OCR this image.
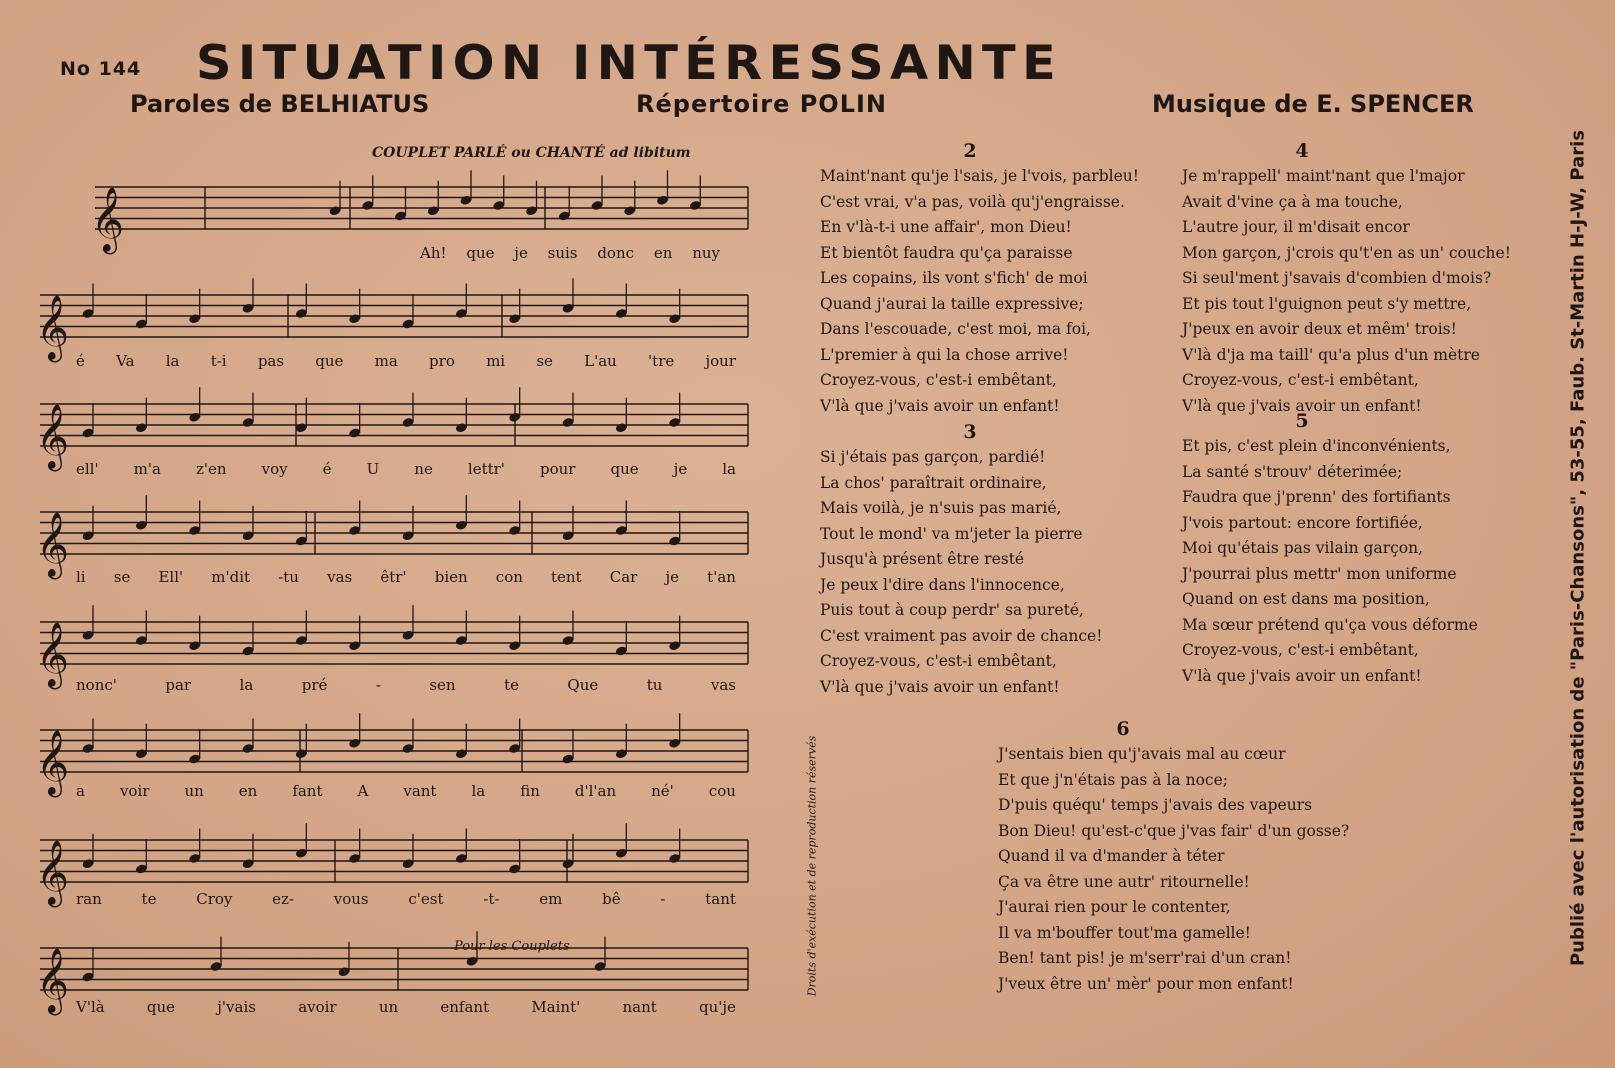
No 144 SITUATION INTÉRESSANTE
Paroles de BELHIATUS	Répertoire POLIN	Musique de E. SPENCER
𝄞
𝄞
𝄞
𝄞
𝄞
𝄞
𝄞
𝄞
COUPLET PARLÉ ou CHANTÉ ad libitum
Pour les Couplets
Ah! que je suis donc en nuy
é Va la t-i pas que ma pro mi se L'au 'tre jour
ell' m'a z'en voy é U ne lettr' pour que je la
li se Ell' m'dit -tu vas êtr' bien con tent Car je t'an
nonc'	par	la	pré	-	sen	te	Que	tu	vas
a voir un en fant A vant la fin d'l'an né' cou
ran	te	Croy	ez-	vous	c'est	-t-	em	bê	-	tant
V'là	que	j'vais	avoir	un	enfant	Maint'	nant	qu'je
2
Maint'nant qu'je l'sais, je l'vois, parbleu!
C'est vrai, v'a pas, voilà qu'j'engraisse.
En v'là-t-i une affair', mon Dieu!
Et bientôt faudra qu'ça paraisse
Les copains, ils vont s'fich' de moi
Quand j'aurai la taille expressive;
Dans l'escouade, c'est moi, ma foi,
L'premier à qui la chose arrive!
Croyez-vous, c'est-i embêtant,
V'là que j'vais avoir un enfant!
3
Si j'étais pas garçon, pardié!
La chos' paraîtrait ordinaire,
Mais voilà, je n'suis pas marié,
Tout le mond' va m'jeter la pierre
Jusqu'à présent être resté
Je peux l'dire dans l'innocence,
Puis tout à coup perdr' sa pureté,
C'est vraiment pas avoir de chance!
Croyez-vous, c'est-i embêtant,
V'là que j'vais avoir un enfant!
4
Je m'rappell' maint'nant que l'major
Avait d'vine ça à ma touche,
L'autre jour, il m'disait encor
Mon garçon, j'crois qu't'en as un' couche!
Si seul'ment j'savais d'combien d'mois?
Et pis tout l'guignon peut s'y mettre,
J'peux en avoir deux et mêm' trois!
V'là d'ja ma taill' qu'a plus d'un mètre
Croyez-vous, c'est-i embêtant,
V'là que j'vais avoir un enfant!
5
Et pis, c'est plein d'inconvénients,
La santé s'trouv' déterimée;
Faudra que j'prenn' des fortifiants
J'vois partout: encore fortifiée,
Moi qu'étais pas vilain garçon,
J'pourrai plus mettr' mon uniforme
Quand on est dans ma position,
Ma sœur prétend qu'ça vous déforme
Croyez-vous, c'est-i embêtant,
V'là que j'vais avoir un enfant!
6
J'sentais bien qu'j'avais mal au cœur
Et que j'n'étais pas à la noce;
D'puis quéqu' temps j'avais des vapeurs
Bon Dieu! qu'est-c'que j'vas fair' d'un gosse?
Quand il va d'mander à téter
Ça va être une autr' ritournelle!
J'aurai rien pour le contenter,
Il va m'bouffer tout'ma gamelle!
Ben! tant pis! je m'serr'rai d'un cran!
J'veux être un' mèr' pour mon enfant!
Publié avec l'autorisation de "Paris-Chansons", 53-55, Faub. St-Martin H-J-W, Paris
Droits d'exécution et de reproduction réservés
